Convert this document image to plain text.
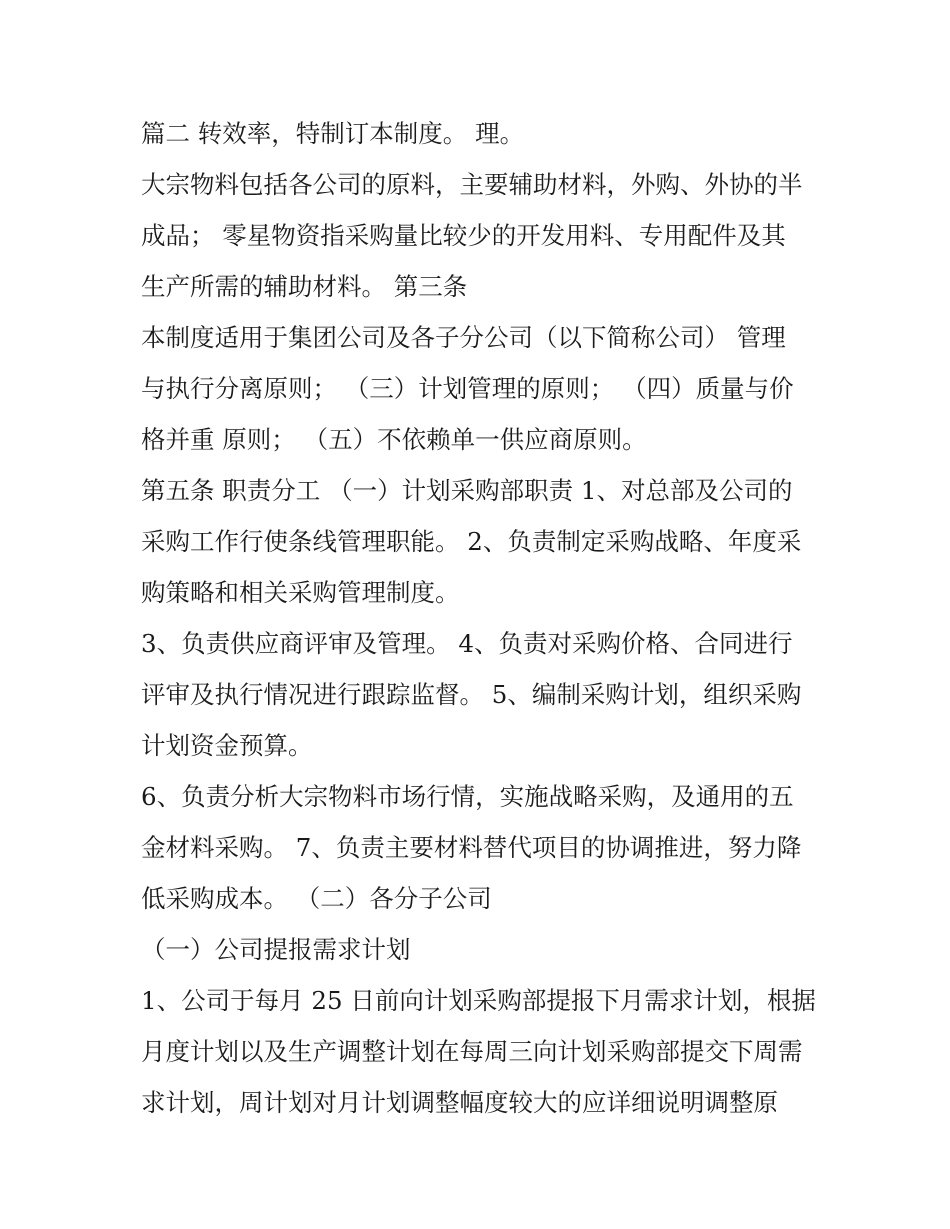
篇二 转效率，特制订本制度。 理。
大宗物料包括各公司的原料，主要辅助材料，外购、外协的半
成品； 零星物资指采购量比较少的开发用料、专用配件及其
生产所需的辅助材料。 第三条
本制度适用于集团公司及各子分公司（以下简称公司） 管理
与执行分离原则； （三）计划管理的原则； （四）质量与价
格并重 原则； （五）不依赖单一供应商原则。
第五条 职责分工 （一）计划采购部职责 1、对总部及公司的
采购工作行使条线管理职能。 2、负责制定采购战略、年度采
购策略和相关采购管理制度。
3、负责供应商评审及管理。 4、负责对采购价格、合同进行
评审及执行情况进行跟踪监督。 5、编制采购计划，组织采购
计划资金预算。
6、负责分析大宗物料市场行情，实施战略采购，及通用的五
金材料采购。 7、负责主要材料替代项目的协调推进，努力降
低采购成本。 （二）各分子公司
（一）公司提报需求计划
1、公司于每月 25 日前向计划采购部提报下月需求计划，根据
月度计划以及生产调整计划在每周三向计划采购部提交下周需
求计划，周计划对月计划调整幅度较大的应详细说明调整原
